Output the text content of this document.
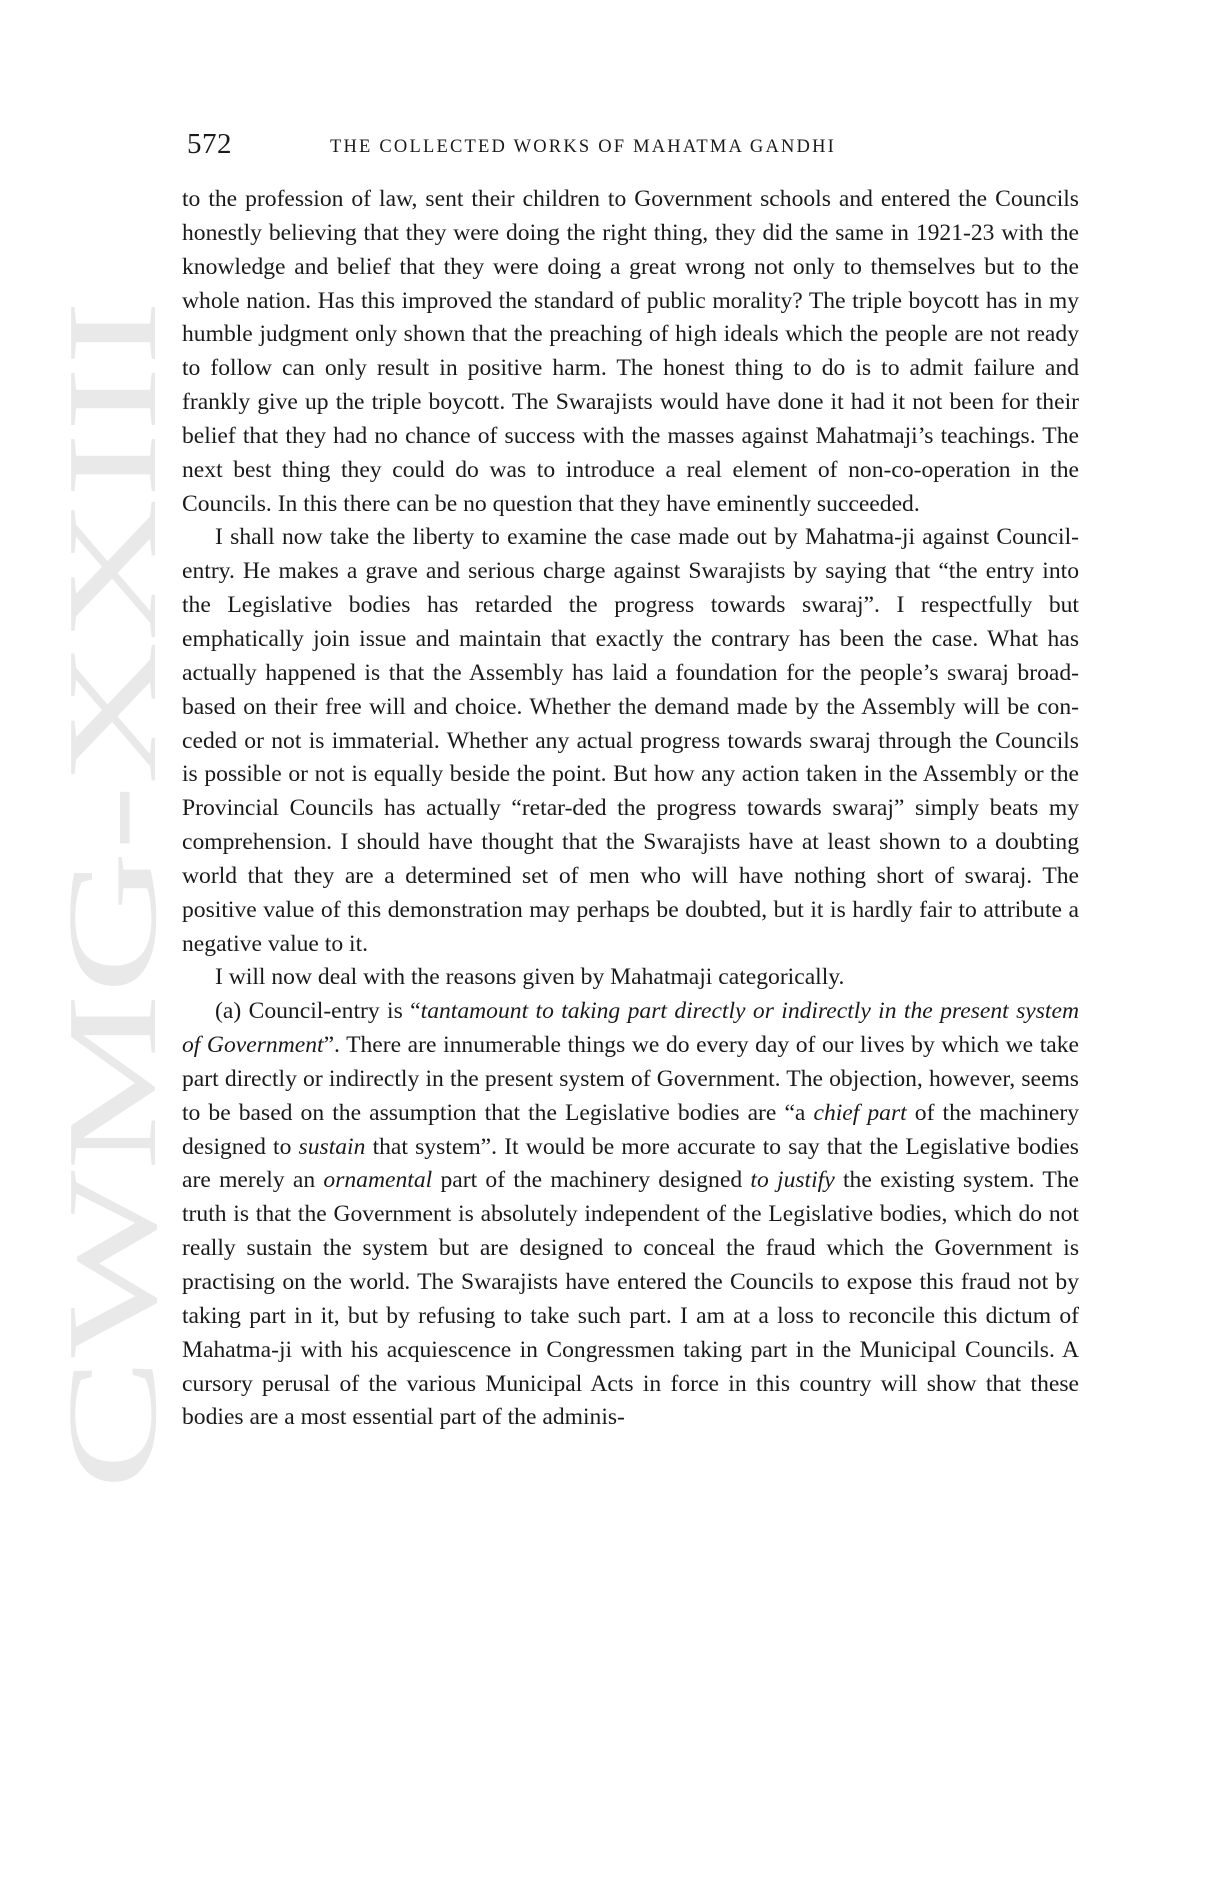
CWMG-XXIII
572	THE COLLECTED WORKS OF MAHATMA GANDHI

to the profession of law, sent their children to Government schools and entered the Councils honestly believing that they were doing the right thing, they did the same in 1921-23 with the knowledge and belief that they were doing a great wrong not only to themselves but to the whole nation. Has this improved the standard of public morality? The triple boycott has in my humble judgment only shown that the preaching of high ideals which the people are not ready to follow can only result in positive harm. The honest thing to do is to admit failure and frankly give up the triple boycott. The Swarajists would have done it had it not been for their belief that they had no chance of success with the masses against Mahatmaji’s teachings. The next best thing they could do was to introduce a real element of non-co-operation in the Councils. In this there can be no question that they have eminently succeeded.

I shall now take the liberty to examine the case made out by Mahatma-ji against Council-entry. He makes a grave and serious charge against Swarajists by saying that “the entry into the Legislative bodies has retarded the progress towards swaraj”. I respectfully but emphatically join issue and maintain that exactly the contrary has been the case. What has actually happened is that the Assembly has laid a foundation for the people’s swaraj broad-based on their free will and choice. Whether the demand made by the Assembly will be con-ceded or not is immaterial. Whether any actual progress towards swaraj through the Councils is possible or not is equally beside the point. But how any action taken in the Assembly or the Provincial Councils has actually “retar-ded the progress towards swaraj” simply beats my comprehension. I should have thought that the Swarajists have at least shown to a doubting world that they are a determined set of men who will have nothing short of swaraj. The positive value of this demonstration may perhaps be doubted, but it is hardly fair to attribute a negative value to it.

I will now deal with the reasons given by Mahatmaji categorically.

(a) Council-entry is “tantamount to taking part directly or indirectly in the present system of Government”. There are innumerable things we do every day of our lives by which we take part directly or indirectly in the present system of Government. The objection, however, seems to be based on the assumption that the Legislative bodies are “a chief part of the machinery designed to sustain that system”. It would be more accurate to say that the Legislative bodies are merely an ornamental part of the machinery designed to justify the existing system. The truth is that the Government is absolutely independent of the Legislative bodies, which do not really sustain the system but are designed to conceal the fraud which the Government is practising on the world. The Swarajists have entered the Councils to expose this fraud not by taking part in it, but by refusing to take such part. I am at a loss to reconcile this dictum of Mahatma-ji with his acquiescence in Congressmen taking part in the Municipal Councils. A cursory perusal of the various Municipal Acts in force in this country will show that these bodies are a most essential part of the adminis-
